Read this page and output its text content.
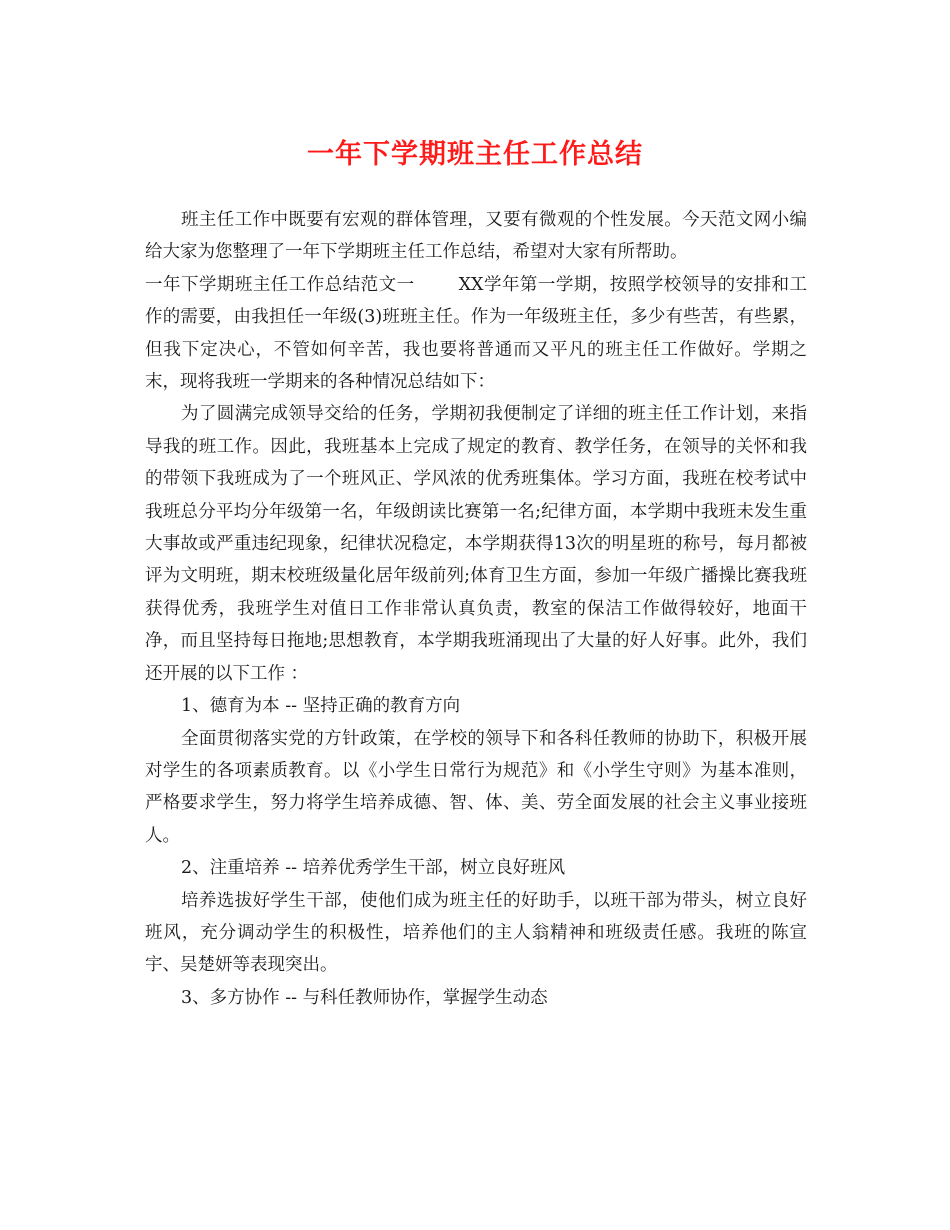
一年下学期班主任工作总结

班主任工作中既要有宏观的群体管理，又要有微观的个性发展。今天范文网小编给大家为您整理了一年下学期班主任工作总结，希望对大家有所帮助。

一年下学期班主任工作总结范文一	XX学年第一学期，按照学校领导的安排和工作的需要，由我担任一年级(3)班班主任。作为一年级班主任，多少有些苦，有些累，但我下定决心，不管如何辛苦，我也要将普通而又平凡的班主任工作做好。学期之末，现将我班一学期来的各种情况总结如下：

为了圆满完成领导交给的任务，学期初我便制定了详细的班主任工作计划，来指导我的班工作。因此，我班基本上完成了规定的教育、教学任务，在领导的关怀和我的带领下我班成为了一个班风正、学风浓的优秀班集体。学习方面，我班在校考试中我班总分平均分年级第一名，年级朗读比赛第一名;纪律方面，本学期中我班未发生重大事故或严重违纪现象，纪律状况稳定，本学期获得13次的明星班的称号，每月都被评为文明班，期末校班级量化居年级前列;体育卫生方面，参加一年级广播操比赛我班获得优秀，我班学生对值日工作非常认真负责，教室的保洁工作做得较好，地面干净，而且坚持每日拖地;思想教育，本学期我班涌现出了大量的好人好事。此外，我们还开展的以下工作 ：

1、德育为本 -- 坚持正确的教育方向

全面贯彻落实党的方针政策，在学校的领导下和各科任教师的协助下，积极开展对学生的各项素质教育。以《小学生日常行为规范》和《小学生守则》为基本准则，严格要求学生，努力将学生培养成德、智、体、美、劳全面发展的社会主义事业接班人。

2、注重培养 -- 培养优秀学生干部，树立良好班风

培养选拔好学生干部，使他们成为班主任的好助手，以班干部为带头，树立良好班风，充分调动学生的积极性，培养他们的主人翁精神和班级责任感。我班的陈宣宇、吴楚妍等表现突出。

3、多方协作 -- 与科任教师协作，掌握学生动态
